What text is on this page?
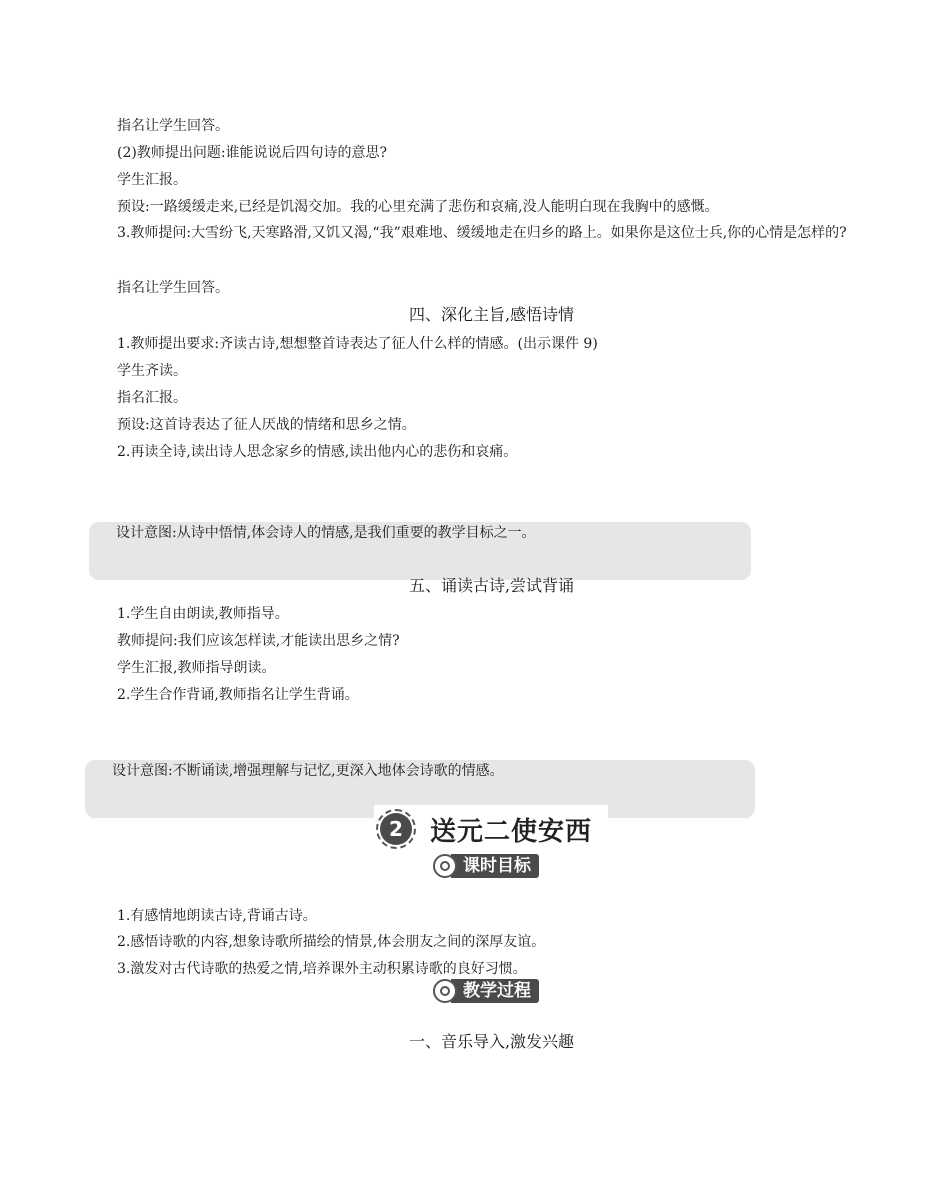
指名让学生回答。
(2)教师提出问题:谁能说说后四句诗的意思?
学生汇报。
预设:一路缓缓走来,已经是饥渴交加。我的心里充满了悲伤和哀痛,没人能明白现在我胸中的感慨。
3.教师提问:大雪纷飞,天寒路滑,又饥又渴,“我”艰难地、缓缓地走在归乡的路上。如果你是这位士兵,你的心情是怎样的?
指名让学生回答。
四、深化主旨,感悟诗情
1.教师提出要求:齐读古诗,想想整首诗表达了征人什么样的情感。(出示课件 9)
学生齐读。
指名汇报。
预设:这首诗表达了征人厌战的情绪和思乡之情。
2.再读全诗,读出诗人思念家乡的情感,读出他内心的悲伤和哀痛。
设计意图:从诗中悟情,体会诗人的情感,是我们重要的教学目标之一。
五、诵读古诗,尝试背诵
1.学生自由朗读,教师指导。
教师提问:我们应该怎样读,才能读出思乡之情?
学生汇报,教师指导朗读。
2.学生合作背诵,教师指名让学生背诵。
设计意图:不断诵读,增强理解与记忆,更深入地体会诗歌的情感。
2	送元二使安西
课时目标
1.有感情地朗读古诗,背诵古诗。
2.感悟诗歌的内容,想象诗歌所描绘的情景,体会朋友之间的深厚友谊。
3.激发对古代诗歌的热爱之情,培养课外主动积累诗歌的良好习惯。
教学过程
一、音乐导入,激发兴趣
